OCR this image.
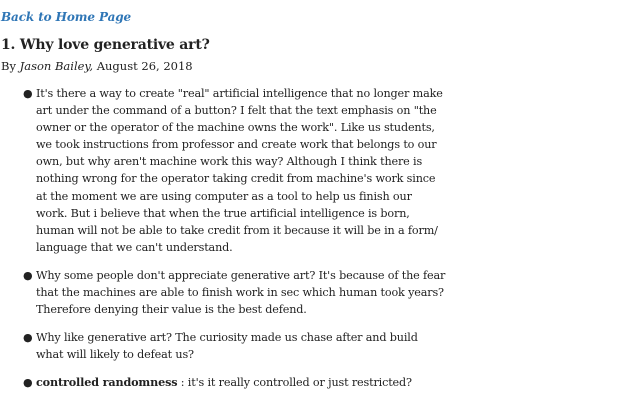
Back to Home Page
1. Why love generative art?
By Jason Bailey, August 26, 2018
● It's there a way to create "real" artificial intelligence that no longer make art under the command of a button? I felt that the text emphasis on "the owner or the operator of the machine owns the work". Like us students, we took instructions from professor and create work that belongs to our own, but why aren't machine work this way? Although I think there is nothing wrong for the operator taking credit from machine's work since at the moment we are using computer as a tool to help us finish our work. But i believe that when the true artificial intelligence is born, human will not be able to take credit from it because it will be in a form/ language that we can't understand.
● Why some people don't appreciate generative art? It's because of the fear that the machines are able to finish work in sec which human took years? Therefore denying their value is the best defend.
● Why like generative art? The curiosity made us chase after and build what will likely to defeat us?
● controlled randomness : it's it really controlled or just restricted?
